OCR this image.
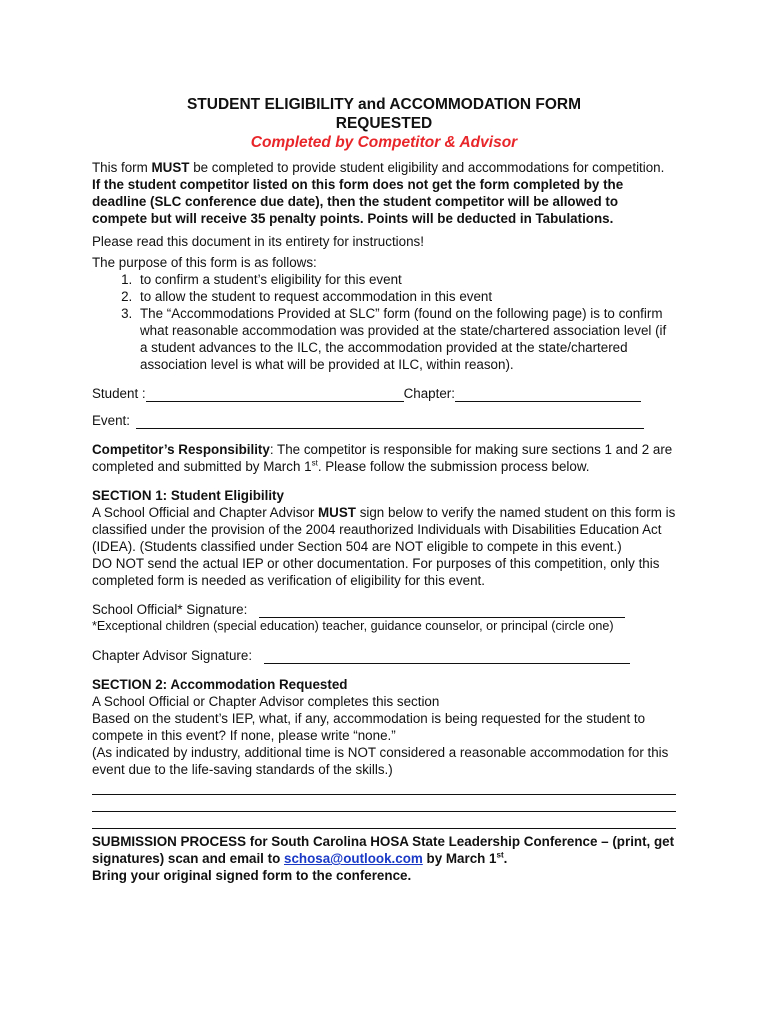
STUDENT ELIGIBILITY and ACCOMMODATION FORM
REQUESTED
Completed by Competitor & Advisor

This form MUST be completed to provide student eligibility and accommodations for competition. If the student competitor listed on this form does not get the form completed by the deadline (SLC conference due date), then the student competitor will be allowed to compete but will receive 35 penalty points. Points will be deducted in Tabulations.

Please read this document in its entirety for instructions!

The purpose of this form is as follows:

1. to confirm a student’s eligibility for this event
2. to allow the student to request accommodation in this event
3. The “Accommodations Provided at SLC” form (found on the following page) is to confirm what reasonable accommodation was provided at the state/chartered association level (if a student advances to the ILC, the accommodation provided at the state/chartered association level is what will be provided at ILC, within reason).
Student :	Chapter:
Event:

Competitor’s Responsibility: The competitor is responsible for making sure sections 1 and 2 are completed and submitted by March 1st. Please follow the submission process below.

SECTION 1: Student Eligibility

A School Official and Chapter Advisor MUST sign below to verify the named student on this form is classified under the provision of the 2004 reauthorized Individuals with Disabilities Education Act (IDEA). (Students classified under Section 504 are NOT eligible to compete in this event.)

DO NOT send the actual IEP or other documentation. For purposes of this competition, only this completed form is needed as verification of eligibility for this event.

School Official* Signature:

*Exceptional children (special education) teacher, guidance counselor, or principal (circle one)

Chapter Advisor Signature:

SECTION 2: Accommodation Requested

A School Official or Chapter Advisor completes this section

Based on the student’s IEP, what, if any, accommodation is being requested for the student to compete in this event? If none, please write “none.”

(As indicated by industry, additional time is NOT considered a reasonable accommodation for this event due to the life-saving standards of the skills.)

SUBMISSION PROCESS for South Carolina HOSA State Leadership Conference – (print, get signatures) scan and email to schosa@outlook.com by March 1st.

Bring your original signed form to the conference.
